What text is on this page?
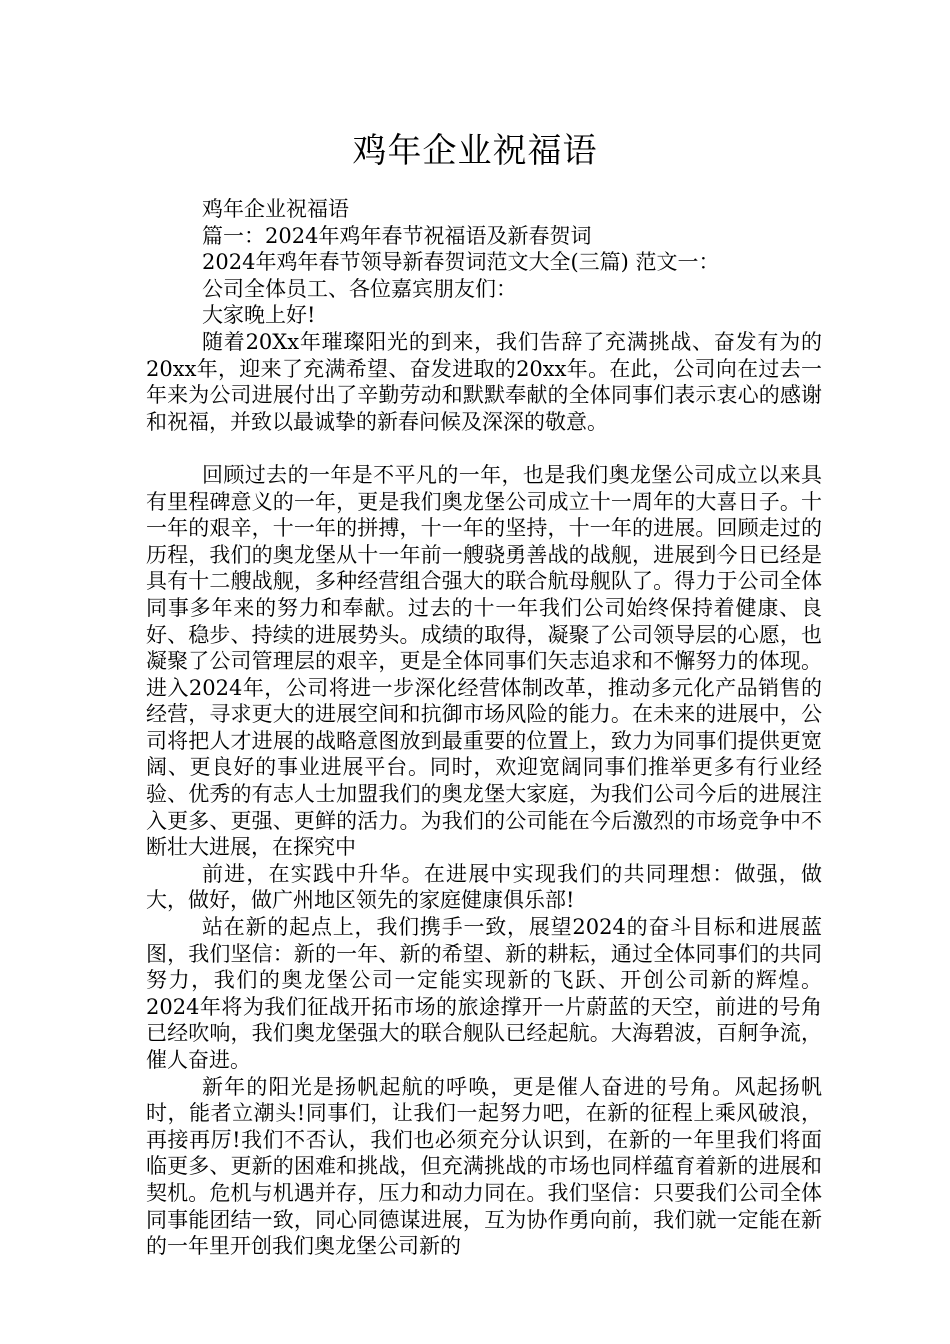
鸡年企业祝福语

鸡年企业祝福语

篇一：2024年鸡年春节祝福语及新春贺词

2024年鸡年春节领导新春贺词范文大全(三篇) 范文一：

公司全体员工、各位嘉宾朋友们：

大家晚上好!

随着20Xx年璀璨阳光的到来，我们告辞了充满挑战、奋发有为的20xx年，迎来了充满希望、奋发进取的20xx年。在此，公司向在过去一年来为公司进展付出了辛勤劳动和默默奉献的全体同事们表示衷心的感谢和祝福，并致以最诚挚的新春问候及深深的敬意。

回顾过去的一年是不平凡的一年，也是我们奥龙堡公司成立以来具有里程碑意义的一年，更是我们奥龙堡公司成立十一周年的大喜日子。十一年的艰辛，十一年的拼搏，十一年的坚持，十一年的进展。回顾走过的历程，我们的奥龙堡从十一年前一艘骁勇善战的战舰，进展到今日已经是具有十二艘战舰，多种经营组合强大的联合航母舰队了。得力于公司全体同事多年来的努力和奉献。过去的十一年我们公司始终保持着健康、良好、稳步、持续的进展势头。成绩的取得，凝聚了公司领导层的心愿，也凝聚了公司管理层的艰辛，更是全体同事们矢志追求和不懈努力的体现。进入2024年，公司将进一步深化经营体制改革，推动多元化产品销售的经营，寻求更大的进展空间和抗御市场风险的能力。在未来的进展中，公司将把人才进展的战略意图放到最重要的位置上，致力为同事们提供更宽阔、更良好的事业进展平台。同时，欢迎宽阔同事们推举更多有行业经验、优秀的有志人士加盟我们的奥龙堡大家庭，为我们公司今后的进展注入更多、更强、更鲜的活力。为我们的公司能在今后激烈的市场竞争中不断壮大进展，在探究中

前进，在实践中升华。在进展中实现我们的共同理想：做强，做大，做好，做广州地区领先的家庭健康俱乐部!

站在新的起点上，我们携手一致，展望2024的奋斗目标和进展蓝图，我们坚信：新的一年、新的希望、新的耕耘，通过全体同事们的共同努力，我们的奥龙堡公司一定能实现新的飞跃、开创公司新的辉煌。2024年将为我们征战开拓市场的旅途撑开一片蔚蓝的天空，前进的号角已经吹响，我们奥龙堡强大的联合舰队已经起航。大海碧波，百舸争流，催人奋进。

新年的阳光是扬帆起航的呼唤，更是催人奋进的号角。风起扬帆时，能者立潮头!同事们，让我们一起努力吧，在新的征程上乘风破浪，再接再厉!我们不否认，我们也必须充分认识到，在新的一年里我们将面临更多、更新的困难和挑战，但充满挑战的市场也同样蕴育着新的进展和契机。危机与机遇并存，压力和动力同在。我们坚信：只要我们公司全体同事能团结一致，同心同德谋进展，互为协作勇向前，我们就一定能在新的一年里开创我们奥龙堡公司新的
